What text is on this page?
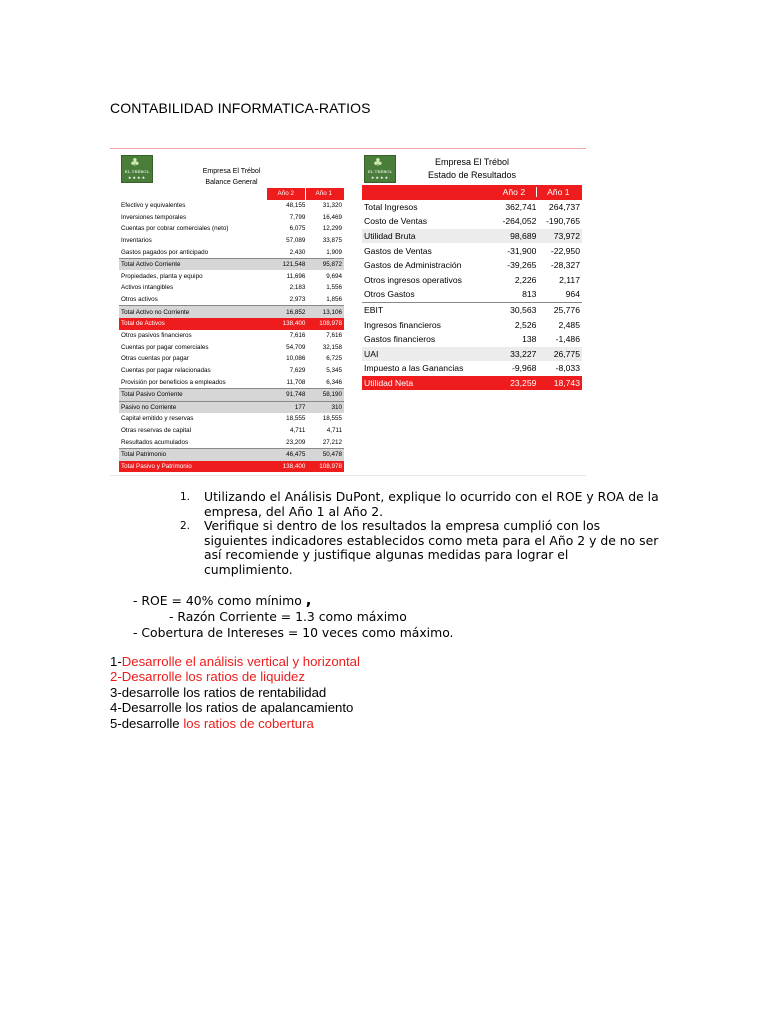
CONTABILIDAD INFORMATICA-RATIOS
♣
EL TRÉBOL
★★★★
Empresa El Trébol
Balance General
Año 2	Año 1
Efectivo y equivalentes	48,155	31,320
Inversiones temporales	7,799	16,469
Cuentas por cobrar comerciales (neto)	6,075	12,299
Inventarios	57,089	33,875
Gastos pagados por anticipado	2,430	1,909
Total Activo Corriente	121,548	95,872
Propiedades, planta y equipo	11,696	9,694
Activos intangibles	2,183	1,556
Otros activos	2,973	1,856
Total Activo no Corriente	16,852	13,106
Total de Activos	138,400	108,978
Otros pasivos financieros	7,616	7,616
Cuentas por pagar comerciales	54,709	32,158
Otras cuentas por pagar	10,086	6,725
Cuentas por pagar relacionadas	7,629	5,345
Provisión por beneficios a empleados	11,708	6,346
Total Pasivo Corriente	91,748	58,190
Pasivo no Corriente	177	310
Capital emitido y reservas	18,555	18,555
Otras reservas de capital	4,711	4,711
Resultados acumulados	23,209	27,212
Total Patrimonio	46,475	50,478
Total Pasivo y Patrimonio	138,400	108,978
♣
EL TRÉBOL
★★★★
Empresa El Trébol
Estado de Resultados
Año 2	Año 1
Total Ingresos	362,741	264,737
Costo de Ventas	-264,052	-190,765
Utilidad Bruta	98,689	73,972
Gastos de Ventas	-31,900	-22,950
Gastos de Administración	-39,265	-28,327
Otros ingresos operativos	2,226	2,117
Otros Gastos	813	964
EBIT	30,563	25,776
Ingresos financieros	2,526	2,485
Gastos financieros	138	-1,486
UAI	33,227	26,775
Impuesto a las Ganancias	-9,968	-8,033
Utilidad Neta	23,259	18,743
1. Utilizando el Análisis DuPont, explique lo ocurrido con el ROE y ROA de la empresa, del Año 1 al Año 2.
2. Verifique si dentro de los resultados la empresa cumplió con los siguientes indicadores establecidos como meta para el Año 2 y de no ser así recomiende y justifique algunas medidas para lograr el cumplimiento.
- ROE = 40% como mínimo ,
- Razón Corriente = 1.3 como máximo
- Cobertura de Intereses = 10 veces como máximo.
1-Desarrolle el análisis vertical y horizontal
2-Desarrolle los ratios de liquidez
3-desarrolle los ratios de rentabilidad
4-Desarrolle los ratios de apalancamiento
5-desarrolle los ratios de cobertura
